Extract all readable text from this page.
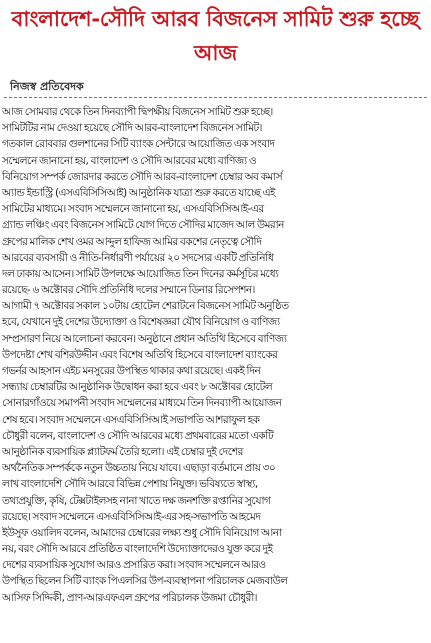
বাংলাদেশ-সৌদি আরব বিজনেস সামিট শুরু হচ্ছে আজ
নিজস্ব প্রতিবেদক
আজ সোমবার থেকে তিন দিনব্যাপী দ্বিপক্ষীয় বিজনেস সামিট শুরু হচ্ছে।
সামিটটির নাম দেওয়া হয়েছে সৌদি আরব-বাংলাদেশ বিজনেস সামিট।
গতকাল রোববার গুলশানের সিটি ব্যাংক সেন্টারে আয়োজিত এক সংবাদ
সম্মেলনে জানানো হয়, বাংলাদেশ ও সৌদি আরবের মধ্যে বাণিজ্য ও
বিনিয়োগ সম্পর্ক জোরদার করতে সৌদি আরব-বাংলাদেশ চেম্বার অব কমার্স
অ্যান্ড ইন্ডাস্ট্রি (এসএবিসিসিআই) আনুষ্ঠানিক যাত্রা শুরু করতে যাচ্ছে এই
সামিটের মাধ্যমে। সংবাদ সম্মেলনে জানানো হয়, এসএবিসিসিআই-এর
গ্র্যান্ড লঞ্চিং এবং বিজনেস সামিটে যোগ দিতে সৌদির মাজেদ আল উমরান
গ্রুপের মালিক শেখ ওমর আব্দুল হাফিজ আমির বকশের নেতৃত্বে সৌদি
আরবের ব্যবসায়ী ও নীতি-নির্ধারণী পর্যায়ের ২০ সদস্যের একটি প্রতিনিধি
দল ঢাকায় আসেন। সামিট উপলক্ষে আয়োজিত তিন দিনের কর্মসূচির মধ্যে
রয়েছে- ৬ অক্টোবর সৌদি প্রতিনিধি দলের সম্মানে ডিনার রিসেপশন।
আগামী ৭ অক্টোবর সকাল ১০টায় হোটেল শেরাটনে বিজনেস সামিট অনুষ্ঠিত
হবে, যেখানে দুই দেশের উদ্যোক্তা ও বিশেষজ্ঞরা যৌথ বিনিয়োগ ও বাণিজ্য
সম্প্রসারণ নিয়ে আলোচনা করবেন। অনুষ্ঠানে প্রধান অতিথি হিসেবে বাণিজ্য
উপদেষ্টা শেখ বশিরউদ্দীন এবং বিশেষ অতিথি হিসেবে বাংলাদেশ ব্যাংকের
গভর্নর আহসান এইচ মনসুরের উপস্থিত থাকার কথা রয়েছে। একই দিন
সন্ধ্যায় চেম্বারটির আনুষ্ঠানিক উদ্বোধন করা হবে এবং ৮ অক্টোবর হোটেল
সোনারগাঁওয়ে সমাপনী সংবাদ সম্মেলনের মাধ্যমে তিন দিনব্যাপী আয়োজন
শেষ হবে। সংবাদ সম্মেলনে এসএবিসিসিআই সভাপতি আশরাফুল হক
চৌধুরী বলেন, বাংলাদেশ ও সৌদি আরবের মধ্যে প্রথমবারের মতো একটি
আনুষ্ঠানিক ব্যবসায়িক প্ল্যাটফর্ম তৈরি হলো। এই চেম্বার দুই দেশের
অর্থনৈতিক সম্পর্ককে নতুন উচ্চতায় নিয়ে যাবে। এছাড়া বর্তমানে প্রায় ৩০
লাখ বাংলাদেশি সৌদি আরবে বিভিন্ন পেশায় নিযুক্ত। ভবিষ্যতে স্বাস্থ্য,
তথ্যপ্রযুক্তি, কৃষি, টেক্সটাইলসহ নানা খাতে দক্ষ জনশক্তি রপ্তানির সুযোগ
রয়েছে। সংবাদ সম্মেলনে এসএবিসিসিআই-এর সহ-সভাপতি আহমেদ
ইউসুফ ওয়ালিদ বলেন, আমাদের চেম্বারের লক্ষ্য শুধু সৌদি বিনিয়োগ আনা
নয়, বরং সৌদি আরবে প্রতিষ্ঠিত বাংলাদেশি উদ্যোক্তাদেরও যুক্ত করে দুই
দেশের ব্যবসায়িক সুযোগ আরও প্রসারিত করা। সংবাদ সম্মেলনে আরও
উপস্থিত ছিলেন সিটি ব্যাংক পিএলসির উপ-ব্যবস্থাপনা পরিচালক মেজবাউল
আসিফ সিদ্দিকী, প্রাণ-আরএফএল গ্রুপের পরিচালক উজমা চৌধুরী।
